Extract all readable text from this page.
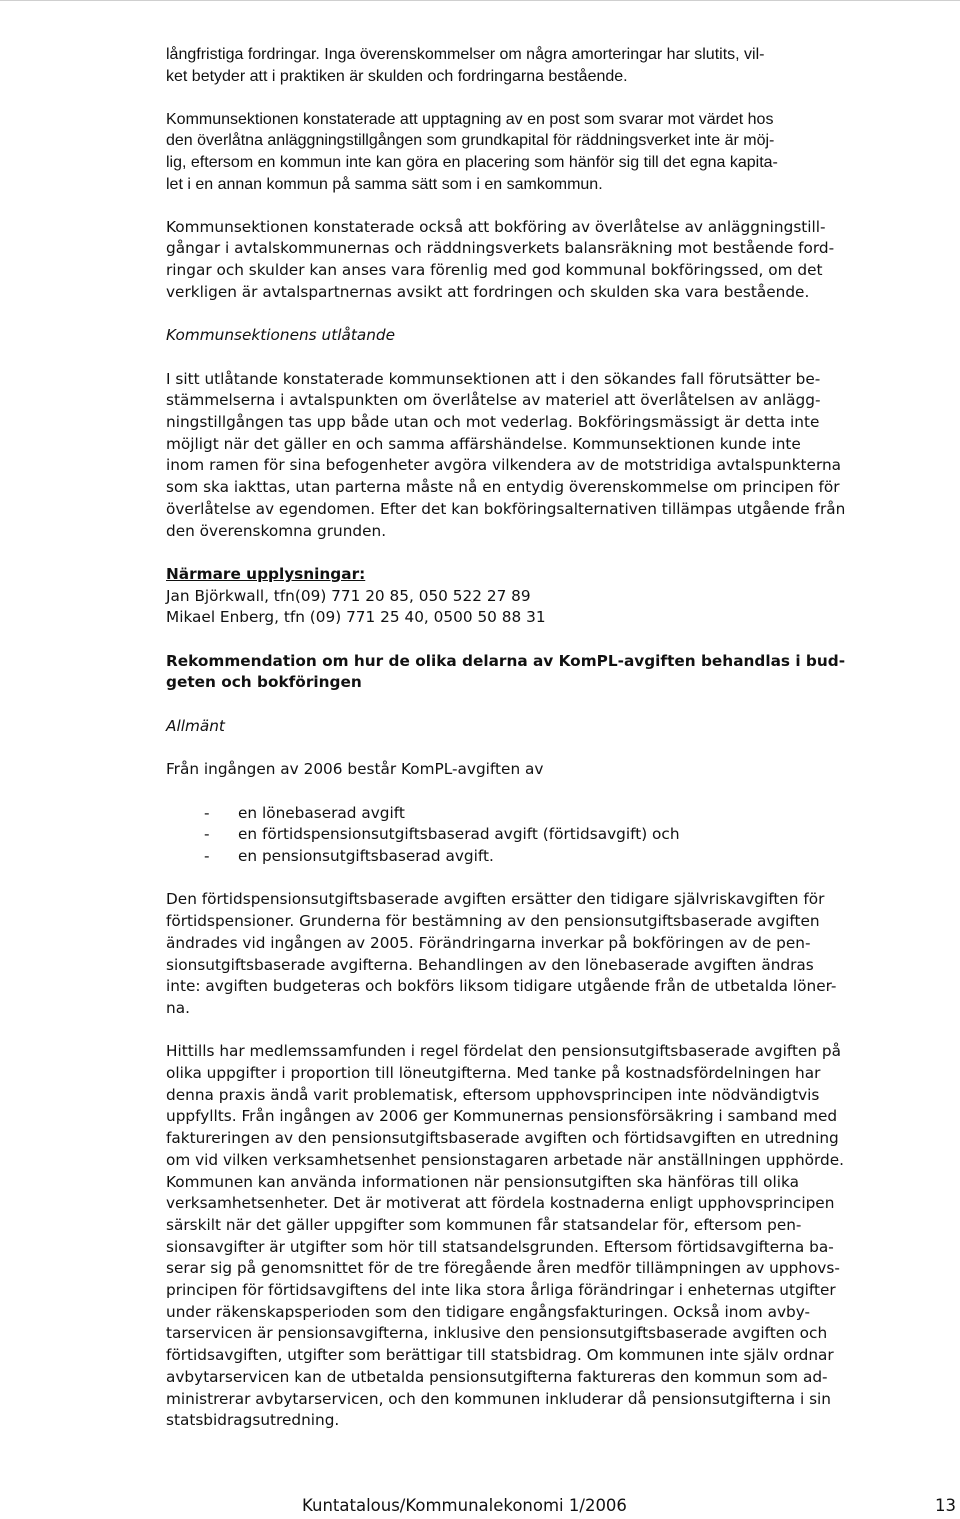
långfristiga fordringar. Inga överenskommelser om några amorteringar har slutits, vil-
ket betyder att i praktiken är skulden och fordringarna bestående.

Kommunsektionen konstaterade att upptagning av en post som svarar mot värdet hos
den överlåtna anläggningstillgången som grundkapital för räddningsverket inte är möj-
lig, eftersom en kommun inte kan göra en placering som hänför sig till det egna kapita-
let i en annan kommun på samma sätt som i en samkommun.

Kommunsektionen konstaterade också att bokföring av överlåtelse av anläggningstill-
gångar i avtalskommunernas och räddningsverkets balansräkning mot bestående ford-
ringar och skulder kan anses vara förenlig med god kommunal bokföringssed, om det
verkligen är avtalspartnernas avsikt att fordringen och skulden ska vara bestående.

Kommunsektionens utlåtande

I sitt utlåtande konstaterade kommunsektionen att i den sökandes fall förutsätter be-
stämmelserna i avtalspunkten om överlåtelse av materiel att överlåtelsen av anlägg-
ningstillgången tas upp både utan och mot vederlag. Bokföringsmässigt är detta inte
möjligt när det gäller en och samma affärshändelse. Kommunsektionen kunde inte
inom ramen för sina befogenheter avgöra vilkendera av de motstridiga avtalspunkterna
som ska iakttas, utan parterna måste nå en entydig överenskommelse om principen för
överlåtelse av egendomen. Efter det kan bokföringsalternativen tillämpas utgående från
den överenskomna grunden.

Närmare upplysningar:

Jan Björkwall, tfn(09) 771 20 85, 050 522 27 89
Mikael Enberg, tfn (09) 771 25 40, 0500 50 88 31

Rekommendation om hur de olika delarna av KomPL-avgiften behandlas i bud-
geten och bokföringen

Allmänt

Från ingången av 2006 består KomPL-avgiften av

- en lönebaserad avgift
- en förtidspensionsutgiftsbaserad avgift (förtidsavgift) och
- en pensionsutgiftsbaserad avgift.

Den förtidspensionsutgiftsbaserade avgiften ersätter den tidigare självriskavgiften för
förtidspensioner. Grunderna för bestämning av den pensionsutgiftsbaserade avgiften
ändrades vid ingången av 2005. Förändringarna inverkar på bokföringen av de pen-
sionsutgiftsbaserade avgifterna. Behandlingen av den lönebaserade avgiften ändras
inte: avgiften budgeteras och bokförs liksom tidigare utgående från de utbetalda löner-
na.

Hittills har medlemssamfunden i regel fördelat den pensionsutgiftsbaserade avgiften på
olika uppgifter i proportion till löneutgifterna. Med tanke på kostnadsfördelningen har
denna praxis ändå varit problematisk, eftersom upphovsprincipen inte nödvändigtvis
uppfyllts. Från ingången av 2006 ger Kommunernas pensionsförsäkring i samband med
faktureringen av den pensionsutgiftsbaserade avgiften och förtidsavgiften en utredning
om vid vilken verksamhetsenhet pensionstagaren arbetade när anställningen upphörde.
Kommunen kan använda informationen när pensionsutgiften ska hänföras till olika
verksamhetsenheter. Det är motiverat att fördela kostnaderna enligt upphovsprincipen
särskilt när det gäller uppgifter som kommunen får statsandelar för, eftersom pen-
sionsavgifter är utgifter som hör till statsandelsgrunden. Eftersom förtidsavgifterna ba-
serar sig på genomsnittet för de tre föregående åren medför tillämpningen av upphovs-
principen för förtidsavgiftens del inte lika stora årliga förändringar i enheternas utgifter
under räkenskapsperioden som den tidigare engångsfakturingen. Också inom avby-
tarservicen är pensionsavgifterna, inklusive den pensionsutgiftsbaserade avgiften och
förtidsavgiften, utgifter som berättigar till statsbidrag. Om kommunen inte själv ordnar
avbytarservicen kan de utbetalda pensionsutgifterna faktureras den kommun som ad-
ministrerar avbytarservicen, och den kommunen inkluderar då pensionsutgifterna i sin
statsbidragsutredning.

Kuntatalous/Kommunalekonomi 1/2006	13
